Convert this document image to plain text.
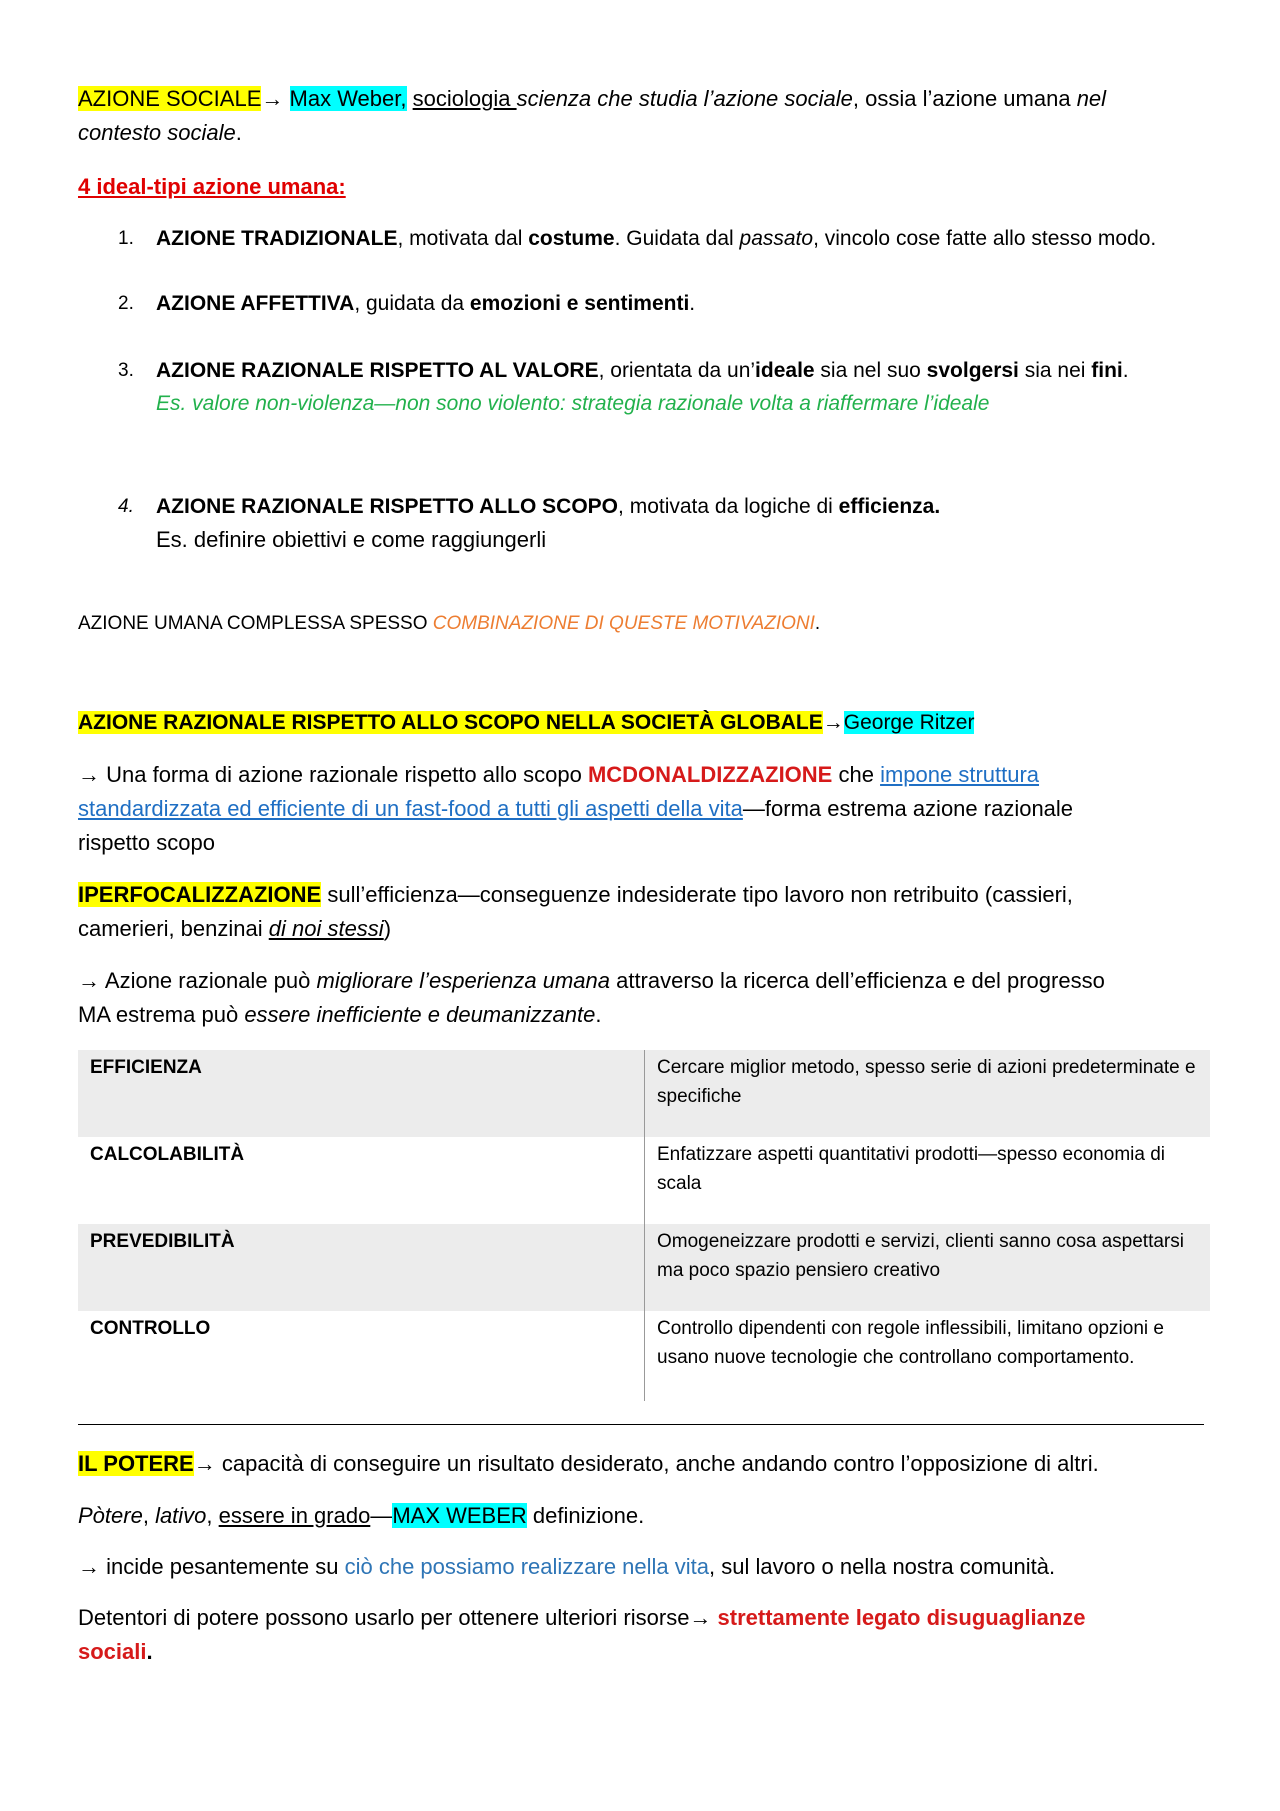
AZIONE SOCIALE→ Max Weber, sociologia scienza che studia l’azione sociale, ossia l’azione umana nel
contesto sociale.
4 ideal-tipi azione umana:
1.	AZIONE TRADIZIONALE, motivata dal costume. Guidata dal passato, vincolo cose fatte allo stesso modo.
2.	AZIONE AFFETTIVA, guidata da emozioni e sentimenti.
3.	AZIONE RAZIONALE RISPETTO AL VALORE, orientata da un’ideale sia nel suo svolgersi sia nei fini.
Es. valore non-violenza—non sono violento: strategia razionale volta a riaffermare l’ideale
4.	AZIONE RAZIONALE RISPETTO ALLO SCOPO, motivata da logiche di efficienza.
Es. definire obiettivi e come raggiungerli
AZIONE UMANA COMPLESSA SPESSO COMBINAZIONE DI QUESTE MOTIVAZIONI.
AZIONE RAZIONALE RISPETTO ALLO SCOPO NELLA SOCIETÀ GLOBALE→George Ritzer
→ Una forma di azione razionale rispetto allo scopo MCDONALDIZZAZIONE che impone struttura
standardizzata ed efficiente di un fast-food a tutti gli aspetti della vita—forma estrema azione razionale
rispetto scopo
IPERFOCALIZZAZIONE sull’efficienza—conseguenze indesiderate tipo lavoro non retribuito (cassieri,
camerieri, benzinai di noi stessi)
→ Azione razionale può migliorare l’esperienza umana attraverso la ricerca dell’efficienza e del progresso
MA estrema può essere inefficiente e deumanizzante.
EFFICIENZA	Cercare miglior metodo, spesso serie di azioni predeterminate e specifiche
CALCOLABILITÀ	Enfatizzare aspetti quantitativi prodotti—spesso economia di scala
PREVEDIBILITÀ	Omogeneizzare prodotti e servizi, clienti sanno cosa aspettarsi ma poco spazio pensiero creativo
CONTROLLO	Controllo dipendenti con regole inflessibili, limitano opzioni e usano nuove tecnologie che controllano comportamento.
IL POTERE→ capacità di conseguire un risultato desiderato, anche andando contro l’opposizione di altri.
Pòtere, lativo, essere in grado—MAX WEBER definizione.
→ incide pesantemente su ciò che possiamo realizzare nella vita, sul lavoro o nella nostra comunità.
Detentori di potere possono usarlo per ottenere ulteriori risorse→ strettamente legato disuguaglianze
sociali.
